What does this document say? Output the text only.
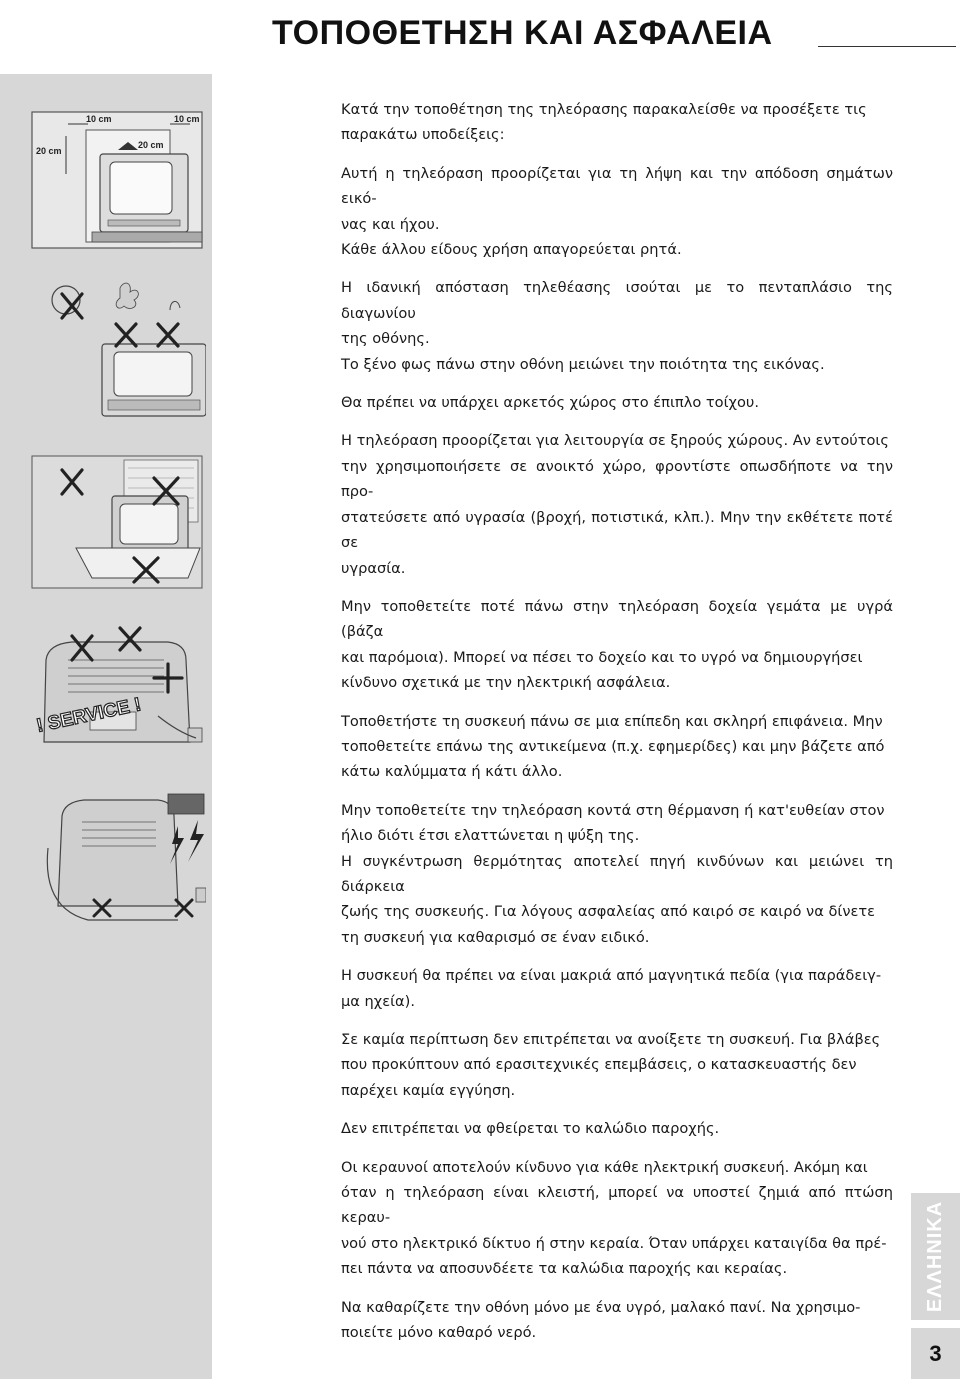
ΤΟΠΟΘΕΤΗΣΗ ΚΑΙ ΑΣΦΑΛΕΙΑ
10 cm	10 cm
20 cm
20 cm
! SERVICE !

Κατά την τοποθέτηση της τηλεόρασης παρακαλείσθε να προσέξετε τις
παρακάτω υποδείξεις:

Αυτή η τηλεόραση προορίζεται για τη λήψη και την απόδοση σημάτων εικό-
νας και ήχου.
Κάθε άλλου είδους χρήση απαγορεύεται ρητά.

Η ιδανική απόσταση τηλεθέασης ισούται με το πενταπλάσιο της διαγωνίου
της οθόνης.
Το ξένο φως πάνω στην οθόνη μειώνει την ποιότητα της εικόνας.

Θα πρέπει να υπάρχει αρκετός χώρος στο έπιπλο τοίχου.

Η τηλεόραση προορίζεται για λειτουργία σε ξηρούς χώρους. Αν εντούτοις
την χρησιμοποιήσετε σε ανοικτό χώρο, φροντίστε οπωσδήποτε να την προ-
στατεύσετε από υγρασία (βροχή, ποτιστικά, κλπ.). Μην την εκθέτετε ποτέ σε
υγρασία.

Μην τοποθετείτε ποτέ πάνω στην τηλεόραση δοχεία γεμάτα με υγρά (βάζα
και παρόμοια). Μπορεί να πέσει το δοχείο και το υγρό να δημιουργήσει
κίνδυνο σχετικά με την ηλεκτρική ασφάλεια.

Τοποθετήστε τη συσκευή πάνω σε μια επίπεδη και σκληρή επιφάνεια. Μην
τοποθετείτε επάνω της αντικείμενα (π.χ. εφημερίδες) και μην βάζετε από
κάτω καλύμματα ή κάτι άλλο.

Μην τοποθετείτε την τηλεόραση κοντά στη θέρμανση ή κατ'ευθείαν στον
ήλιο διότι έτσι ελαττώνεται η ψύξη της.
Η συγκέντρωση θερμότητας αποτελεί πηγή κινδύνων και μειώνει τη διάρκεια
ζωής της συσκευής. Για λόγους ασφαλείας από καιρό σε καιρό να δίνετε
τη συσκευή για καθαρισμό σε έναν ειδικό.

Η συσκευή θα πρέπει να είναι μακριά από μαγνητικά πεδία (για παράδειγ-
μα ηχεία).

Σε καμία περίπτωση δεν επιτρέπεται να ανοίξετε τη συσκευή. Για βλάβες
που προκύπτουν από ερασιτεχνικές επεμβάσεις, ο κατασκευαστής δεν
παρέχει καμία εγγύηση.

Δεν επιτρέπεται να φθείρεται το καλώδιο παροχής.

Οι κεραυνοί αποτελούν κίνδυνο για κάθε ηλεκτρική συσκευή. Ακόμη και
όταν η τηλεόραση είναι κλειστή, μπορεί να υποστεί ζημιά από πτώση κεραυ-
νού στο ηλεκτρικό δίκτυο ή στην κεραία. Όταν υπάρχει καταιγίδα θα πρέ-
πει πάντα να αποσυνδέετε τα καλώδια παροχής και κεραίας.

Να καθαρίζετε την οθόνη μόνο με ένα υγρό, μαλακό πανί. Να χρησιμο-
ποιείτε μόνο καθαρό νερό.

ΕΛΛΗΝΙΚΑ
3
